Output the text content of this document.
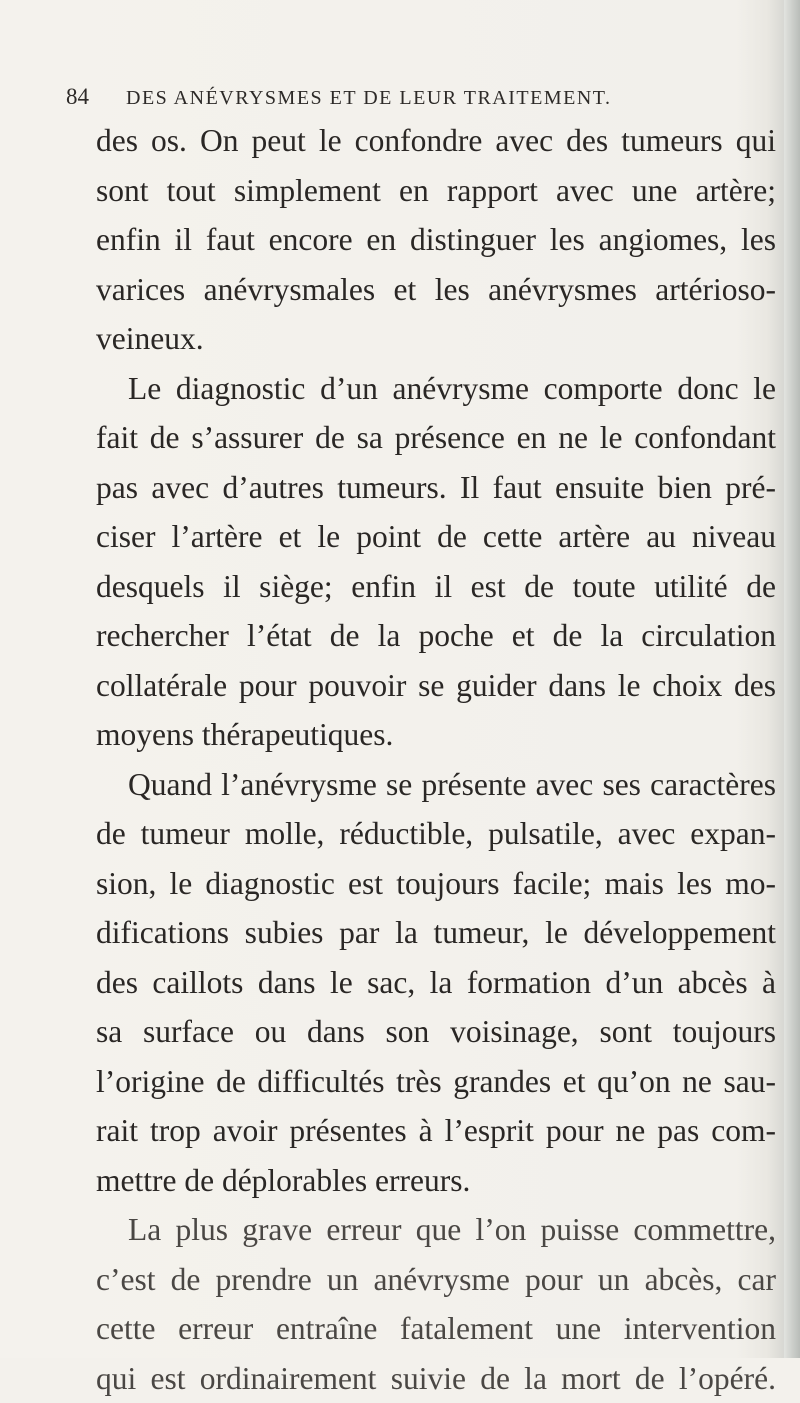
84	DES ANÉVRYSMES ET DE LEUR TRAITEMENT.
des os. On peut le confondre avec des tumeurs qui
sont tout simplement en rapport avec une artère;
enfin il faut encore en distinguer les angiomes, les
varices anévrysmales et les anévrysmes artérioso-
veineux.
Le diagnostic d’un anévrysme comporte donc le
fait de s’assurer de sa présence en ne le confondant
pas avec d’autres tumeurs. Il faut ensuite bien pré-
ciser l’artère et le point de cette artère au niveau
desquels il siège; enfin il est de toute utilité de
rechercher l’état de la poche et de la circulation
collatérale pour pouvoir se guider dans le choix des
moyens thérapeutiques.
Quand l’anévrysme se présente avec ses caractères
de tumeur molle, réductible, pulsatile, avec expan-
sion, le diagnostic est toujours facile; mais les mo-
difications subies par la tumeur, le développement
des caillots dans le sac, la formation d’un abcès à
sa surface ou dans son voisinage, sont toujours
l’origine de difficultés très grandes et qu’on ne sau-
rait trop avoir présentes à l’esprit pour ne pas com-
mettre de déplorables erreurs.
La plus grave erreur que l’on puisse commettre,
c’est de prendre un anévrysme pour un abcès, car
cette erreur entraîne fatalement une intervention
qui est ordinairement suivie de la mort de l’opéré.
